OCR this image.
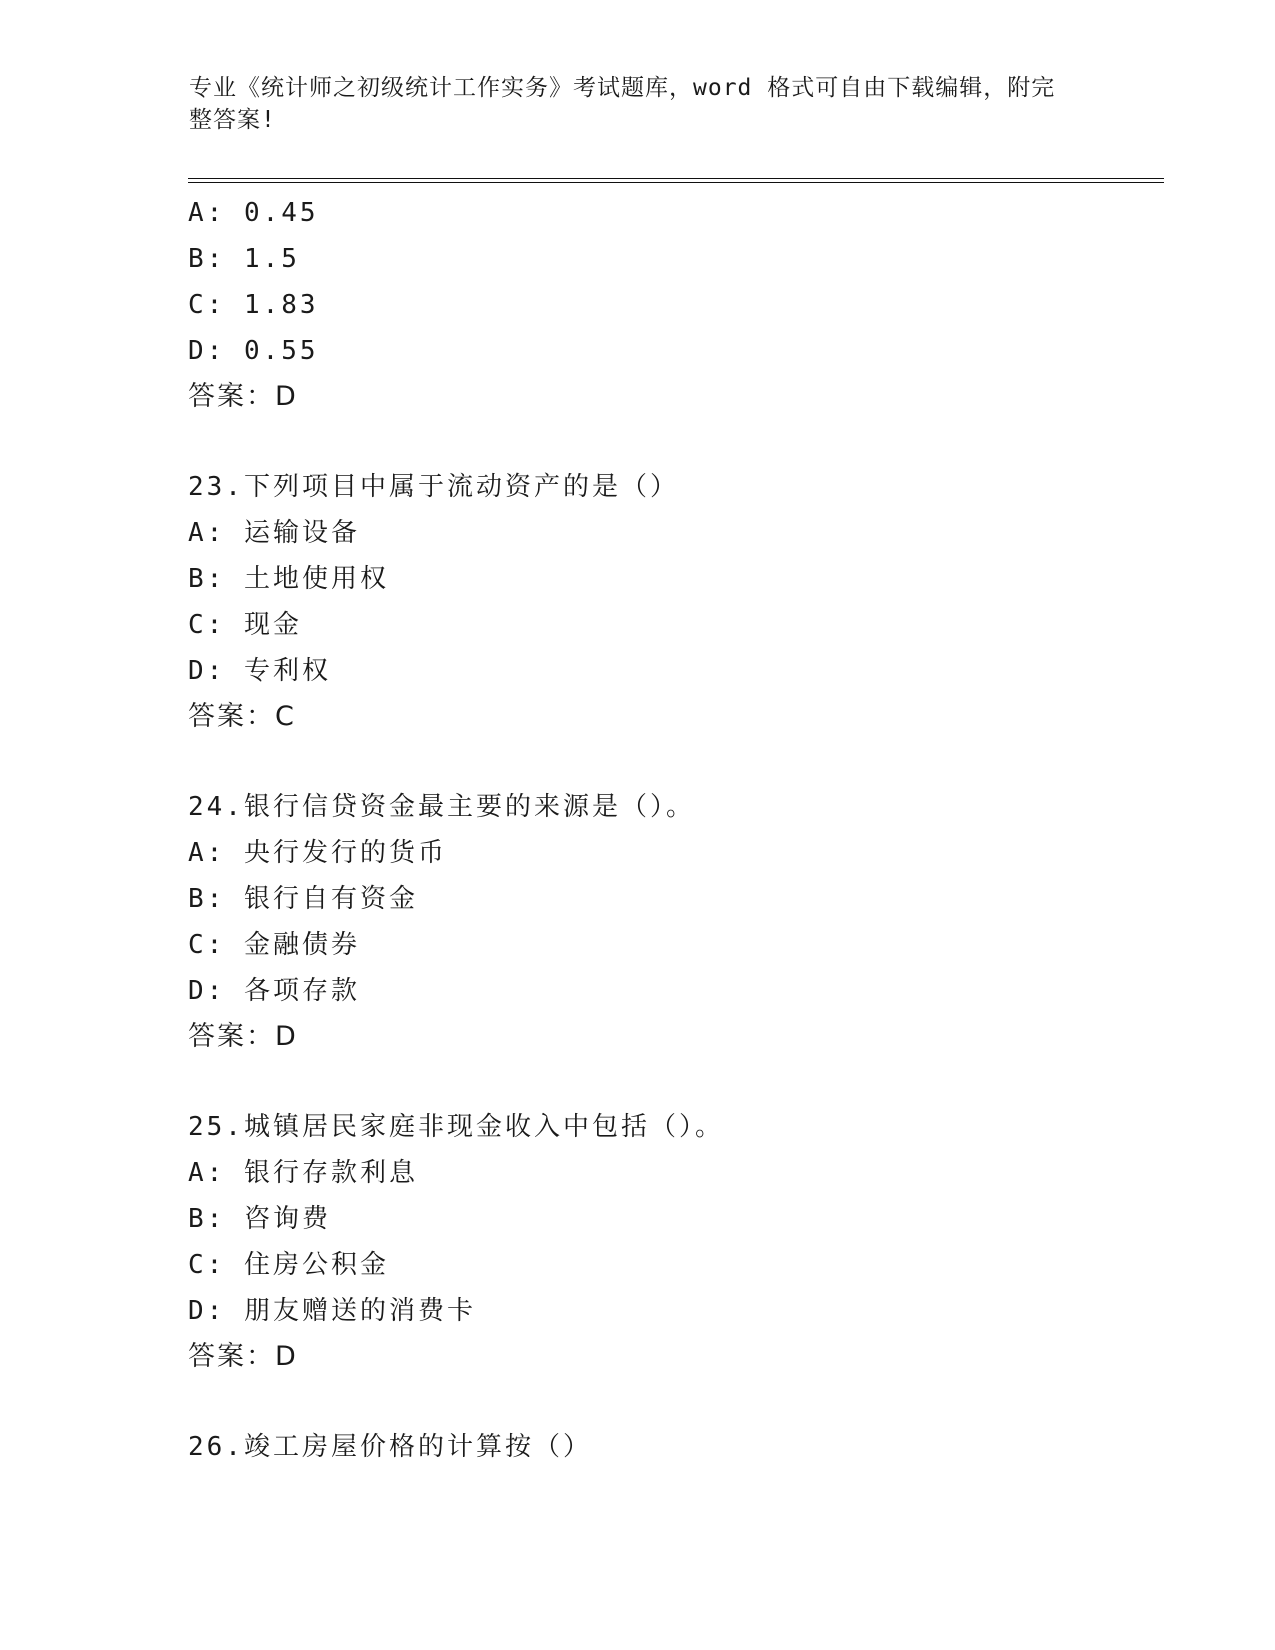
专业《统计师之初级统计工作实务》考试题库，word 格式可自由下载编辑，附完
整答案!
A: 0.45
B: 1.5
C: 1.83
D: 0.55
答案：D
23.下列项目中属于流动资产的是（）
A: 运输设备
B: 土地使用权
C: 现金
D: 专利权
答案：C
24.银行信贷资金最主要的来源是（）。
A: 央行发行的货币
B: 银行自有资金
C: 金融债券
D: 各项存款
答案：D
25.城镇居民家庭非现金收入中包括（）。
A: 银行存款利息
B: 咨询费
C: 住房公积金
D: 朋友赠送的消费卡
答案：D
26.竣工房屋价格的计算按（）
